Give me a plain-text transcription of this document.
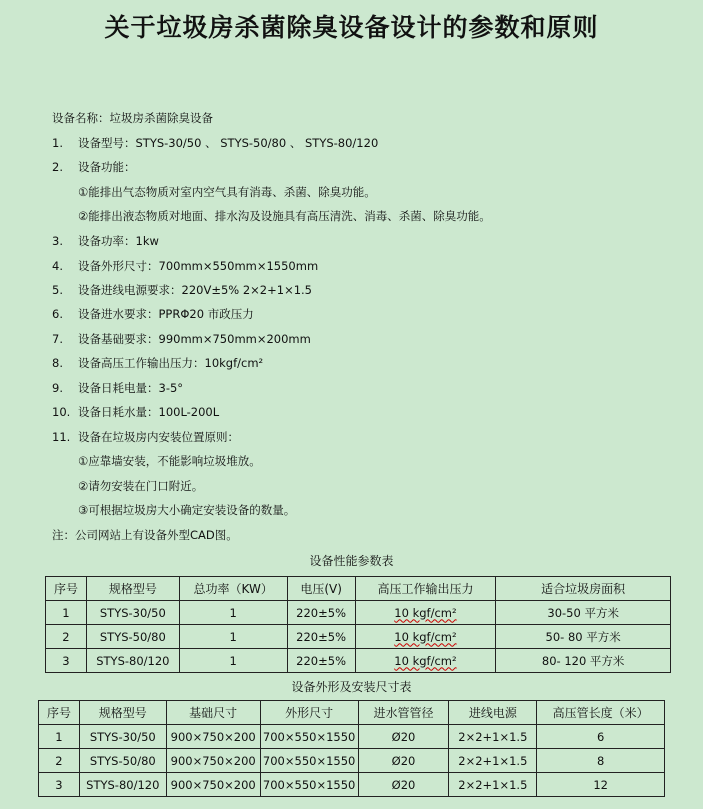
关于垃圾房杀菌除臭设备设计的参数和原则
设备名称：垃圾房杀菌除臭设备
1. 设备型号：STYS-30/50 、 STYS-50/80 、 STYS-80/120
2. 设备功能：
①能排出气态物质对室内空气具有消毒、杀菌、除臭功能。
②能排出液态物质对地面、排水沟及设施具有高压清洗、消毒、杀菌、除臭功能。
3. 设备功率：1kw
4. 设备外形尺寸：700mm×550mm×1550mm
5. 设备进线电源要求：220V±5% 2×2+1×1.5
6. 设备进水要求：PPRΦ20 市政压力
7. 设备基础要求：990mm×750mm×200mm
8. 设备高压工作输出压力：10kgf/cm²
9. 设备日耗电量：3-5°
10. 设备日耗水量：100L-200L
11. 设备在垃圾房内安装位置原则：
①应靠墙安装，不能影响垃圾堆放。
②请勿安装在门口附近。
③可根据垃圾房大小确定安装设备的数量。
注：公司网站上有设备外型CAD图。
设备性能参数表
序号	规格型号	总功率（KW）	电压(V)	高压工作输出压力	适合垃圾房面积
1	STYS-30/50	1	220±5%	10 kgf/cm²	30-50 平方米
2	STYS-50/80	1	220±5%	10 kgf/cm²	50- 80 平方米
3	STYS-80/120	1	220±5%	10 kgf/cm²	80- 120 平方米
设备外形及安装尺寸表
序号	规格型号	基础尺寸	外形尺寸	进水管管径	进线电源	高压管长度（米）
1	STYS-30/50	900×750×200	700×550×1550	Ø20	2×2+1×1.5	6
2	STYS-50/80	900×750×200	700×550×1550	Ø20	2×2+1×1.5	8
3	STYS-80/120	900×750×200	700×550×1550	Ø20	2×2+1×1.5	12
